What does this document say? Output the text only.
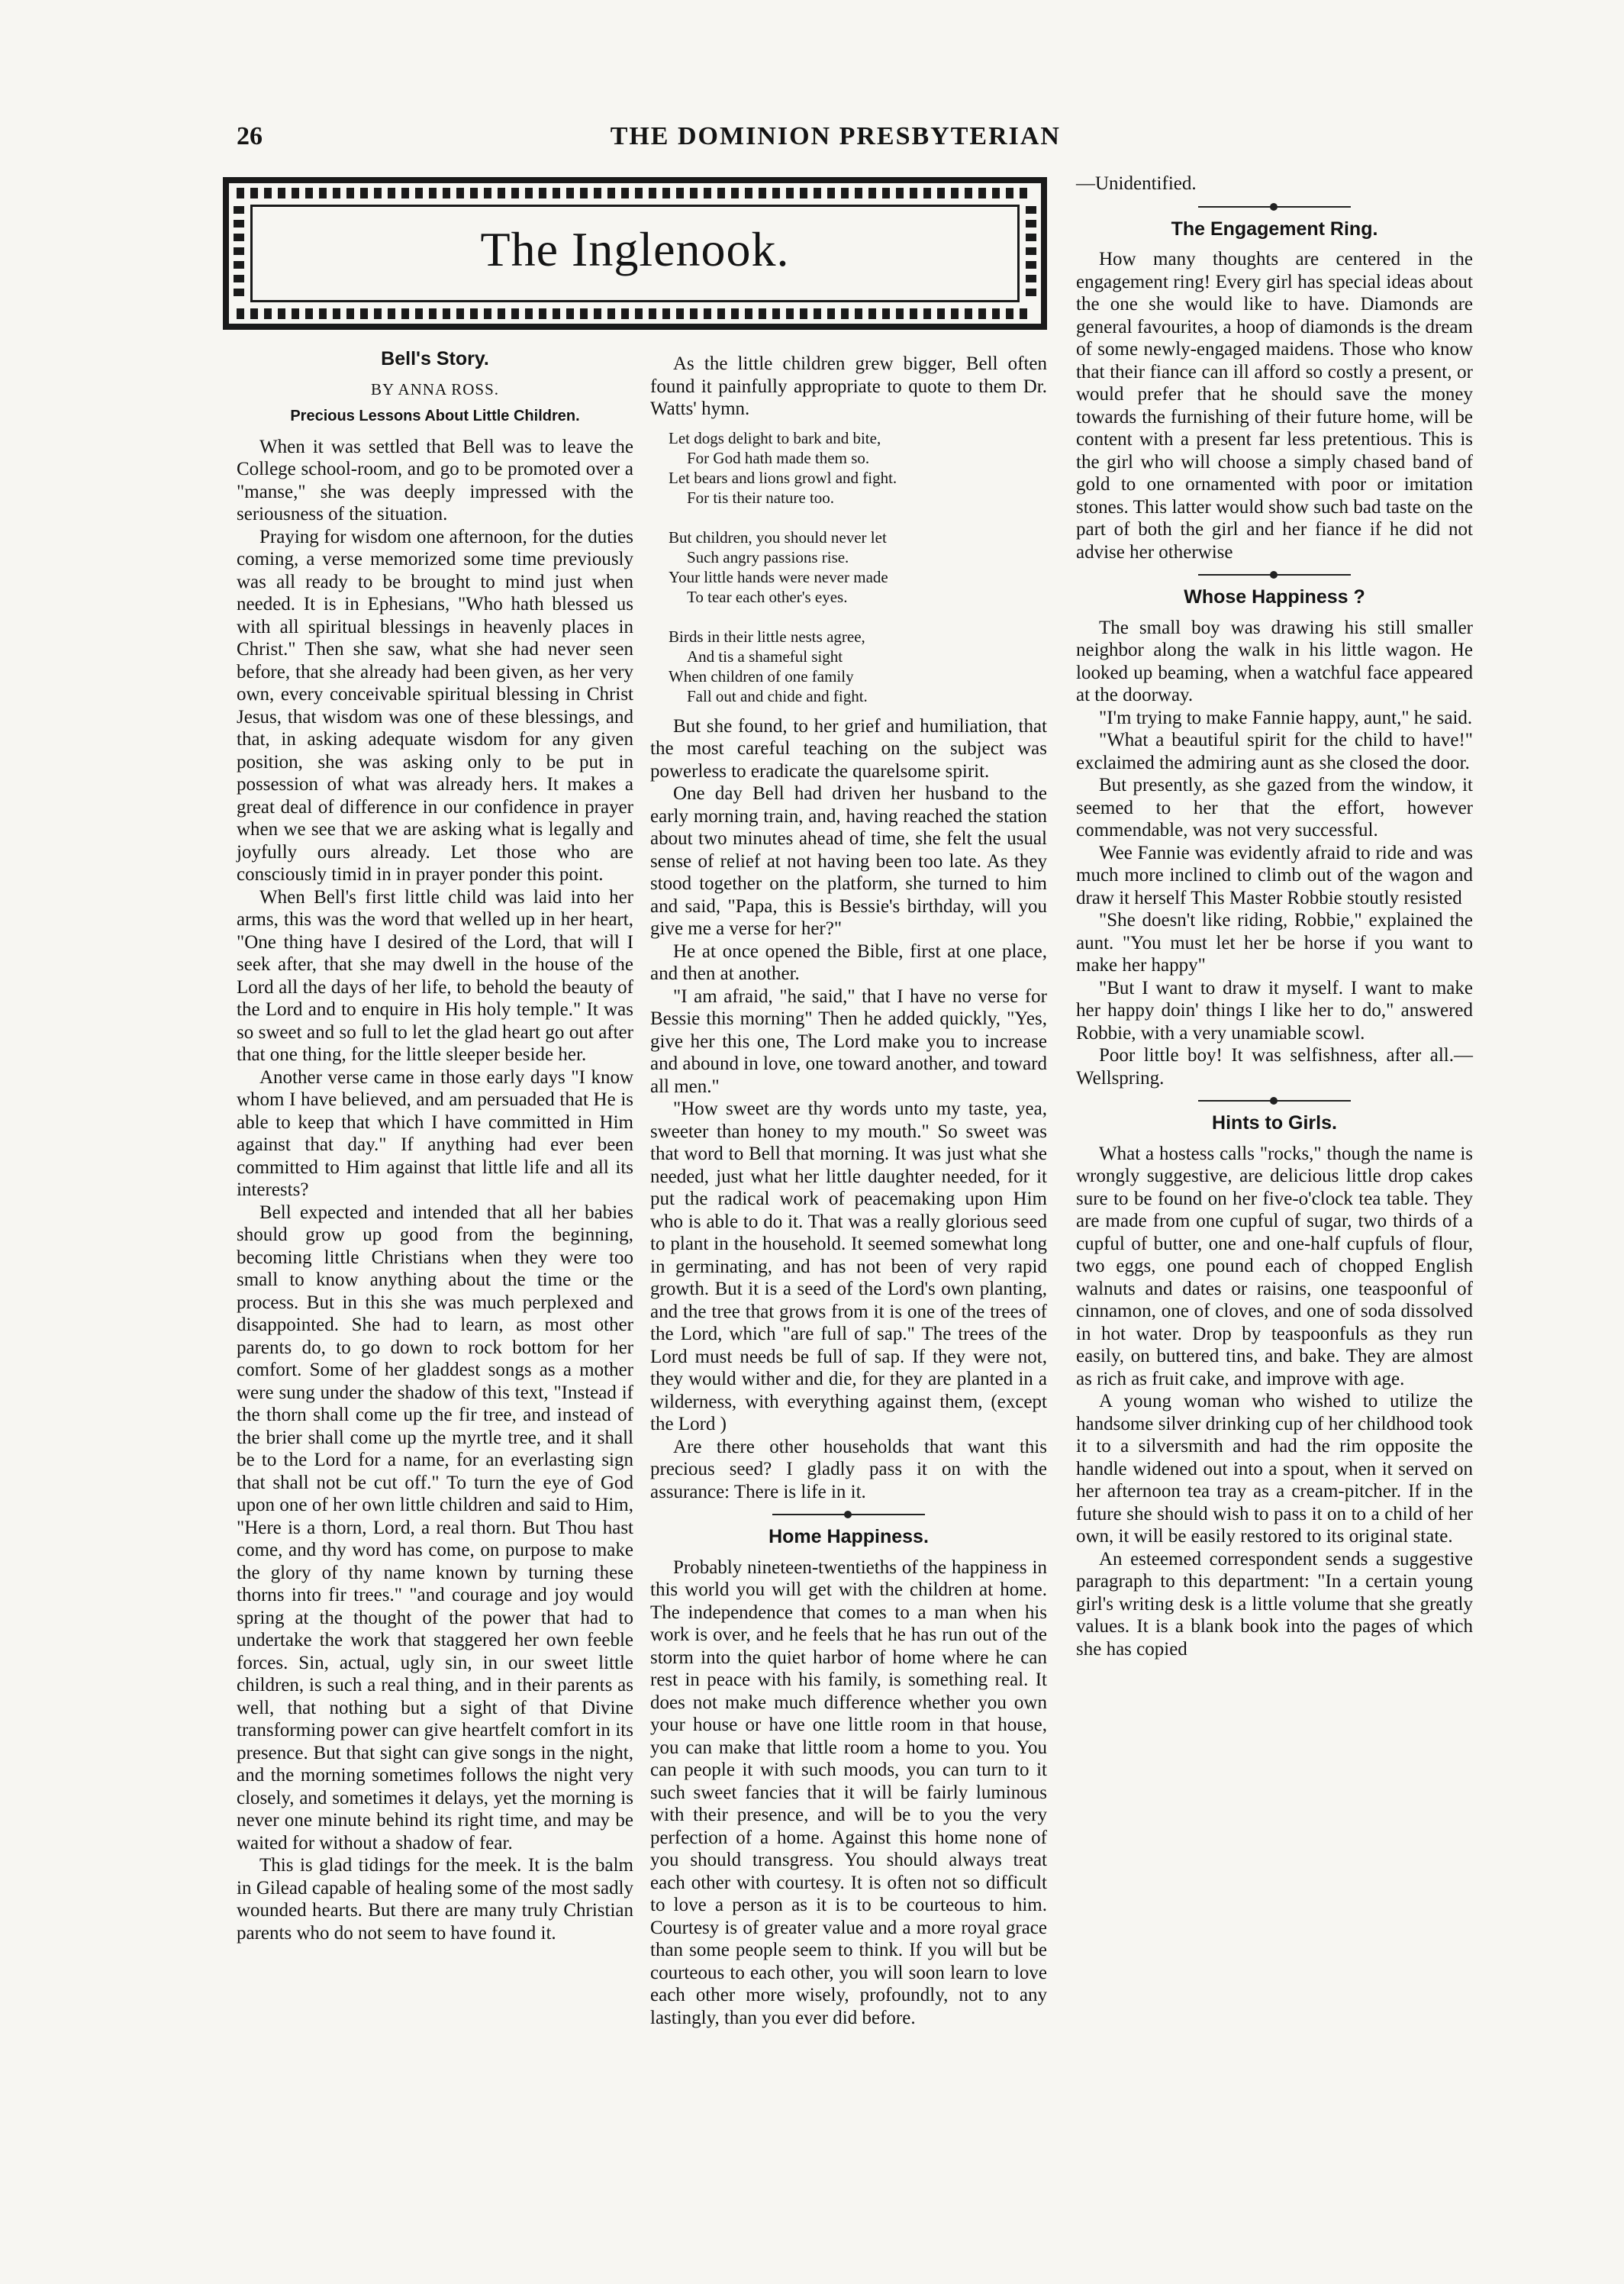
26	THE DOMINION PRESBYTERIAN
The Inglenook.
Bell's Story.
BY ANNA ROSS.
Precious Lessons About Little Children.

When it was settled that Bell was to leave the College school-room, and go to be promoted over a "manse," she was deeply impressed with the seriousness of the situation.

Praying for wisdom one afternoon, for the duties coming, a verse memorized some time previously was all ready to be brought to mind just when needed. It is in Ephesians, "Who hath blessed us with all spiritual blessings in heavenly places in Christ." Then she saw, what she had never seen before, that she already had been given, as her very own, every conceivable spiritual blessing in Christ Jesus, that wisdom was one of these blessings, and that, in asking adequate wisdom for any given position, she was asking only to be put in possession of what was already hers. It makes a great deal of difference in our confidence in prayer when we see that we are asking what is legally and joyfully ours already. Let those who are consciously timid in in prayer ponder this point.

When Bell's first little child was laid into her arms, this was the word that welled up in her heart, "One thing have I desired of the Lord, that will I seek after, that she may dwell in the house of the Lord all the days of her life, to behold the beauty of the Lord and to enquire in His holy temple." It was so sweet and so full to let the glad heart go out after that one thing, for the little sleeper beside her.

Another verse came in those early days "I know whom I have believed, and am persuaded that He is able to keep that which I have committed in Him against that day." If anything had ever been committed to Him against that little life and all its interests?

Bell expected and intended that all her babies should grow up good from the beginning, becoming little Christians when they were too small to know anything about the time or the process. But in this she was much perplexed and disappointed. She had to learn, as most other parents do, to go down to rock bottom for her comfort. Some of her gladdest songs as a mother were sung under the shadow of this text, "Instead if the thorn shall come up the fir tree, and instead of the brier shall come up the myrtle tree, and it shall be to the Lord for a name, for an everlasting sign that shall not be cut off." To turn the eye of God upon one of her own little children and said to Him, "Here is a thorn, Lord, a real thorn. But Thou hast come, and thy word has come, on purpose to make the glory of thy name known by turning these thorns into fir trees." "and courage and joy would spring at the thought of the power that had to undertake the work that staggered her own feeble forces. Sin, actual, ugly sin, in our sweet little children, is such a real thing, and in their parents as well, that nothing but a sight of that Divine transforming power can give heartfelt comfort in its presence. But that sight can give songs in the night, and the morning sometimes follows the night very closely, and sometimes it delays, yet the morning is never one minute behind its right time, and may be waited for without a shadow of fear.

This is glad tidings for the meek. It is the balm in Gilead capable of healing some of the most sadly wounded hearts. But there are many truly Christian parents who do not seem to have found it.

As the little children grew bigger, Bell often found it painfully appropriate to quote to them Dr. Watts' hymn.

Let dogs delight to bark and bite,
For God hath made them so.
Let bears and lions growl and fight.
For tis their nature too.
But children, you should never let
Such angry passions rise.
Your little hands were never made
To tear each other's eyes.
Birds in their little nests agree,
And tis a shameful sight
When children of one family
Fall out and chide and fight.

But she found, to her grief and humiliation, that the most careful teaching on the subject was powerless to eradicate the quarelsome spirit.

One day Bell had driven her husband to the early morning train, and, having reached the station about two minutes ahead of time, she felt the usual sense of relief at not having been too late. As they stood together on the platform, she turned to him and said, "Papa, this is Bessie's birthday, will you give me a verse for her?"

He at once opened the Bible, first at one place, and then at another.

"I am afraid, "he said," that I have no verse for Bessie this morning" Then he added quickly, "Yes, give her this one, The Lord make you to increase and abound in love, one toward another, and toward all men."

"How sweet are thy words unto my taste, yea, sweeter than honey to my mouth." So sweet was that word to Bell that morning. It was just what she needed, just what her little daughter needed, for it put the radical work of peacemaking upon Him who is able to do it. That was a really glorious seed to plant in the household. It seemed somewhat long in germinating, and has not been of very rapid growth. But it is a seed of the Lord's own planting, and the tree that grows from it is one of the trees of the Lord, which "are full of sap." The trees of the Lord must needs be full of sap. If they were not, they would wither and die, for they are planted in a wilderness, with everything against them, (except the Lord )

Are there other households that want this precious seed? I gladly pass it on with the assurance: There is life in it.

Home Happiness.

Probably nineteen-twentieths of the happiness in this world you will get with the children at home. The independence that comes to a man when his work is over, and he feels that he has run out of the storm into the quiet harbor of home where he can rest in peace with his family, is something real. It does not make much difference whether you own your house or have one little room in that house, you can make that little room a home to you. You can people it with such moods, you can turn to it such sweet fancies that it will be fairly luminous with their presence, and will be to you the very perfection of a home. Against this home none of you should transgress. You should always treat each other with courtesy. It is often not so difficult to love a person as it is to be courteous to him. Courtesy is of greater value and a more royal grace than some people seem to think. If you will but be courteous to each other, you will soon learn to love each other more wisely, profoundly, not to any lastingly, than you ever did before.

—Unidentified.

The Engagement Ring.

How many thoughts are centered in the engagement ring! Every girl has special ideas about the one she would like to have. Diamonds are general favourites, a hoop of diamonds is the dream of some newly-engaged maidens. Those who know that their fiance can ill afford so costly a present, or would prefer that he should save the money towards the furnishing of their future home, will be content with a present far less pretentious. This is the girl who will choose a simply chased band of gold to one ornamented with poor or imitation stones. This latter would show such bad taste on the part of both the girl and her fiance if he did not advise her otherwise

Whose Happiness ?

The small boy was drawing his still smaller neighbor along the walk in his little wagon. He looked up beaming, when a watchful face appeared at the doorway.

"I'm trying to make Fannie happy, aunt," he said.

"What a beautiful spirit for the child to have!" exclaimed the admiring aunt as she closed the door.

But presently, as she gazed from the window, it seemed to her that the effort, however commendable, was not very successful.

Wee Fannie was evidently afraid to ride and was much more inclined to climb out of the wagon and draw it herself This Master Robbie stoutly resisted

"She doesn't like riding, Robbie," explained the aunt. "You must let her be horse if you want to make her happy"

"But I want to draw it myself. I want to make her happy doin' things I like her to do," answered Robbie, with a very unamiable scowl.

Poor little boy! It was selfishness, after all.—Wellspring.

Hints to Girls.

What a hostess calls "rocks," though the name is wrongly suggestive, are delicious little drop cakes sure to be found on her five-o'clock tea table. They are made from one cupful of sugar, two thirds of a cupful of butter, one and one-half cupfuls of flour, two eggs, one pound each of chopped English walnuts and dates or raisins, one teaspoonful of cinnamon, one of cloves, and one of soda dissolved in hot water. Drop by teaspoonfuls as they run easily, on buttered tins, and bake. They are almost as rich as fruit cake, and improve with age.

A young woman who wished to utilize the handsome silver drinking cup of her childhood took it to a silversmith and had the rim opposite the handle widened out into a spout, when it served on her afternoon tea tray as a cream-pitcher. If in the future she should wish to pass it on to a child of her own, it will be easily restored to its original state.

An esteemed correspondent sends a suggestive paragraph to this department: "In a certain young girl's writing desk is a little volume that she greatly values. It is a blank book into the pages of which she has copied
